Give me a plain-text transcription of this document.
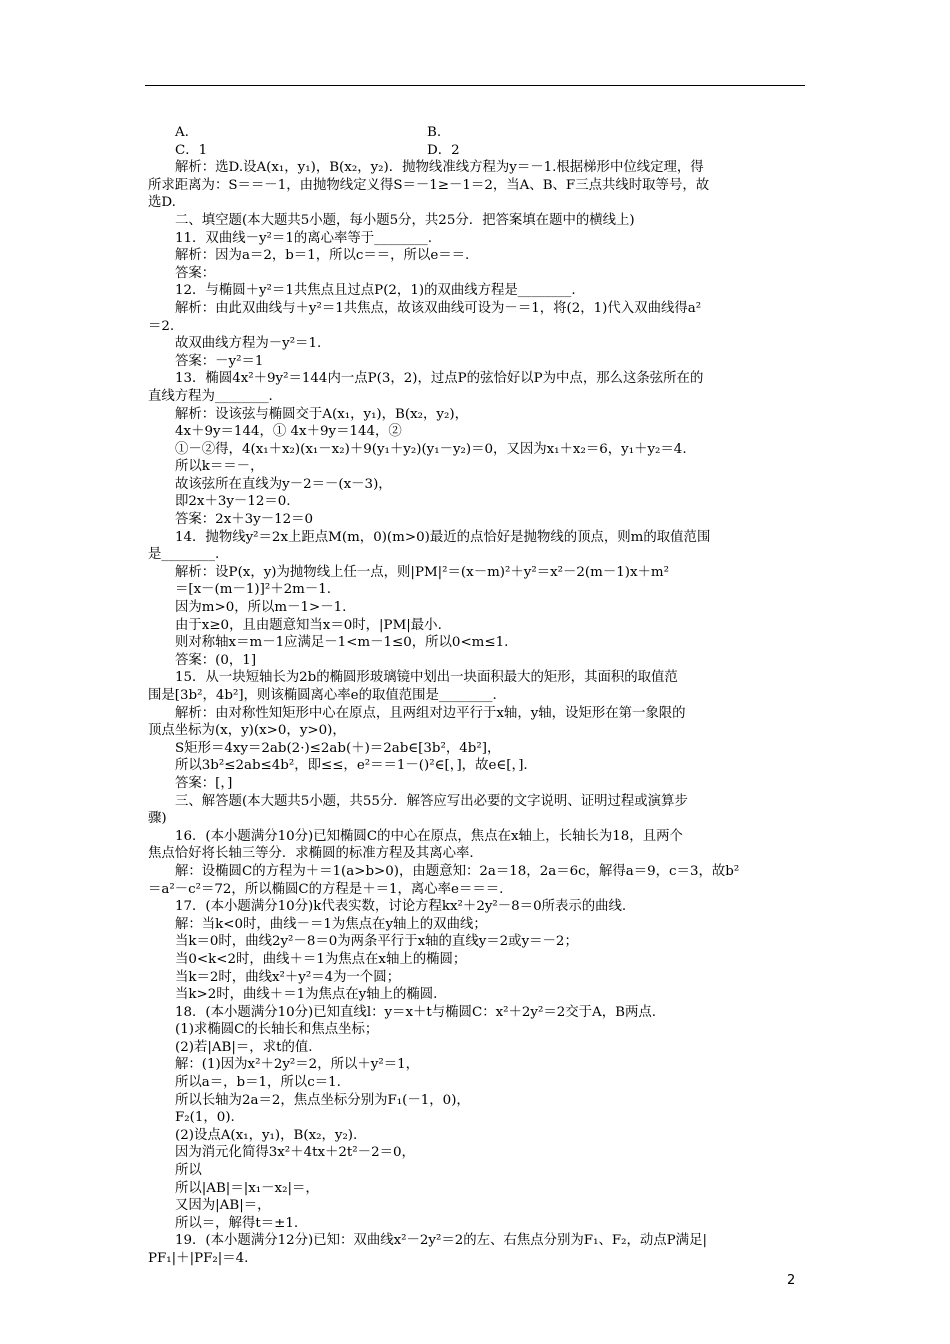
A.	B.
C．1	D．2
解析：选D.设A(x₁，y₁)，B(x₂，y₂)．抛物线准线方程为y＝－1.根据梯形中位线定理，得
所求距离为：S＝＝－1，由抛物线定义得S＝－1≥－1＝2，当A、B、F三点共线时取等号，故
选D.
二、填空题(本大题共5小题，每小题5分，共25分．把答案填在题中的横线上)
11．双曲线－y²＝1的离心率等于________.
解析：因为a＝2，b＝1，所以c＝＝，所以e＝＝.
答案：
12．与椭圆＋y²＝1共焦点且过点P(2，1)的双曲线方程是________.
解析：由此双曲线与＋y²＝1共焦点，故该双曲线可设为－＝1，将(2，1)代入双曲线得a²
＝2.
故双曲线方程为－y²＝1.
答案：－y²＝1
13．椭圆4x²＋9y²＝144内一点P(3，2)，过点P的弦恰好以P为中点，那么这条弦所在的
直线方程为________.
解析：设该弦与椭圆交于A(x₁，y₁)，B(x₂，y₂)，
4x＋9y＝144，① 4x＋9y＝144，②
①－②得，4(x₁＋x₂)(x₁－x₂)＋9(y₁＋y₂)(y₁－y₂)＝0，又因为x₁＋x₂＝6，y₁＋y₂＝4.
所以k＝＝－，
故该弦所在直线为y－2＝－(x－3)，
即2x＋3y－12＝0.
答案：2x＋3y－12＝0
14．抛物线y²＝2x上距点M(m，0)(m>0)最近的点恰好是抛物线的顶点，则m的取值范围
是________.
解析：设P(x，y)为抛物线上任一点，则|PM|²＝(x－m)²＋y²＝x²－2(m－1)x＋m²
＝[x－(m－1)]²＋2m－1.
因为m>0，所以m－1>－1.
由于x≥0，且由题意知当x＝0时，|PM|最小.
则对称轴x＝m－1应满足－1<m－1≤0，所以0<m≤1.
答案：(0，1]
15．从一块短轴长为2b的椭圆形玻璃镜中划出一块面积最大的矩形，其面积的取值范
围是[3b²，4b²]，则该椭圆离心率e的取值范围是________.
解析：由对称性知矩形中心在原点，且两组对边平行于x轴，y轴，设矩形在第一象限的
顶点坐标为(x，y)(x>0，y>0)，
S矩形＝4xy＝2ab(2·)≤2ab(＋)＝2ab∈[3b²，4b²]，
所以3b²≤2ab≤4b²，即≤≤，e²＝＝1－()²∈[，]，故e∈[，].
答案：[，]
三、解答题(本大题共5小题，共55分．解答应写出必要的文字说明、证明过程或演算步
骤)
16．(本小题满分10分)已知椭圆C的中心在原点，焦点在x轴上，长轴长为18，且两个
焦点恰好将长轴三等分．求椭圆的标准方程及其离心率.
解：设椭圆C的方程为＋＝1(a>b>0)，由题意知：2a＝18，2a＝6c，解得a＝9，c＝3，故b²
＝a²－c²＝72，所以椭圆C的方程是＋＝1，离心率e＝＝＝.
17．(本小题满分10分)k代表实数，讨论方程kx²＋2y²－8＝0所表示的曲线.
解：当k<0时，曲线－＝1为焦点在y轴上的双曲线；
当k＝0时，曲线2y²－8＝0为两条平行于x轴的直线y＝2或y＝－2；
当0<k<2时，曲线＋＝1为焦点在x轴上的椭圆；
当k＝2时，曲线x²＋y²＝4为一个圆；
当k>2时，曲线＋＝1为焦点在y轴上的椭圆.
18．(本小题满分10分)已知直线l：y＝x＋t与椭圆C：x²＋2y²＝2交于A，B两点.
(1)求椭圆C的长轴长和焦点坐标；
(2)若|AB|＝，求t的值.
解：(1)因为x²＋2y²＝2，所以＋y²＝1，
所以a＝，b＝1，所以c＝1.
所以长轴为2a＝2，焦点坐标分别为F₁(－1，0)，
F₂(1，0).
(2)设点A(x₁，y₁)，B(x₂，y₂).
因为消元化简得3x²＋4tx＋2t²－2＝0，
所以
所以|AB|＝|x₁－x₂|＝，
又因为|AB|＝，
所以＝，解得t＝±1.
19．(本小题满分12分)已知：双曲线x²－2y²＝2的左、右焦点分别为F₁、F₂，动点P满足|
PF₁|＋|PF₂|＝4.
2
